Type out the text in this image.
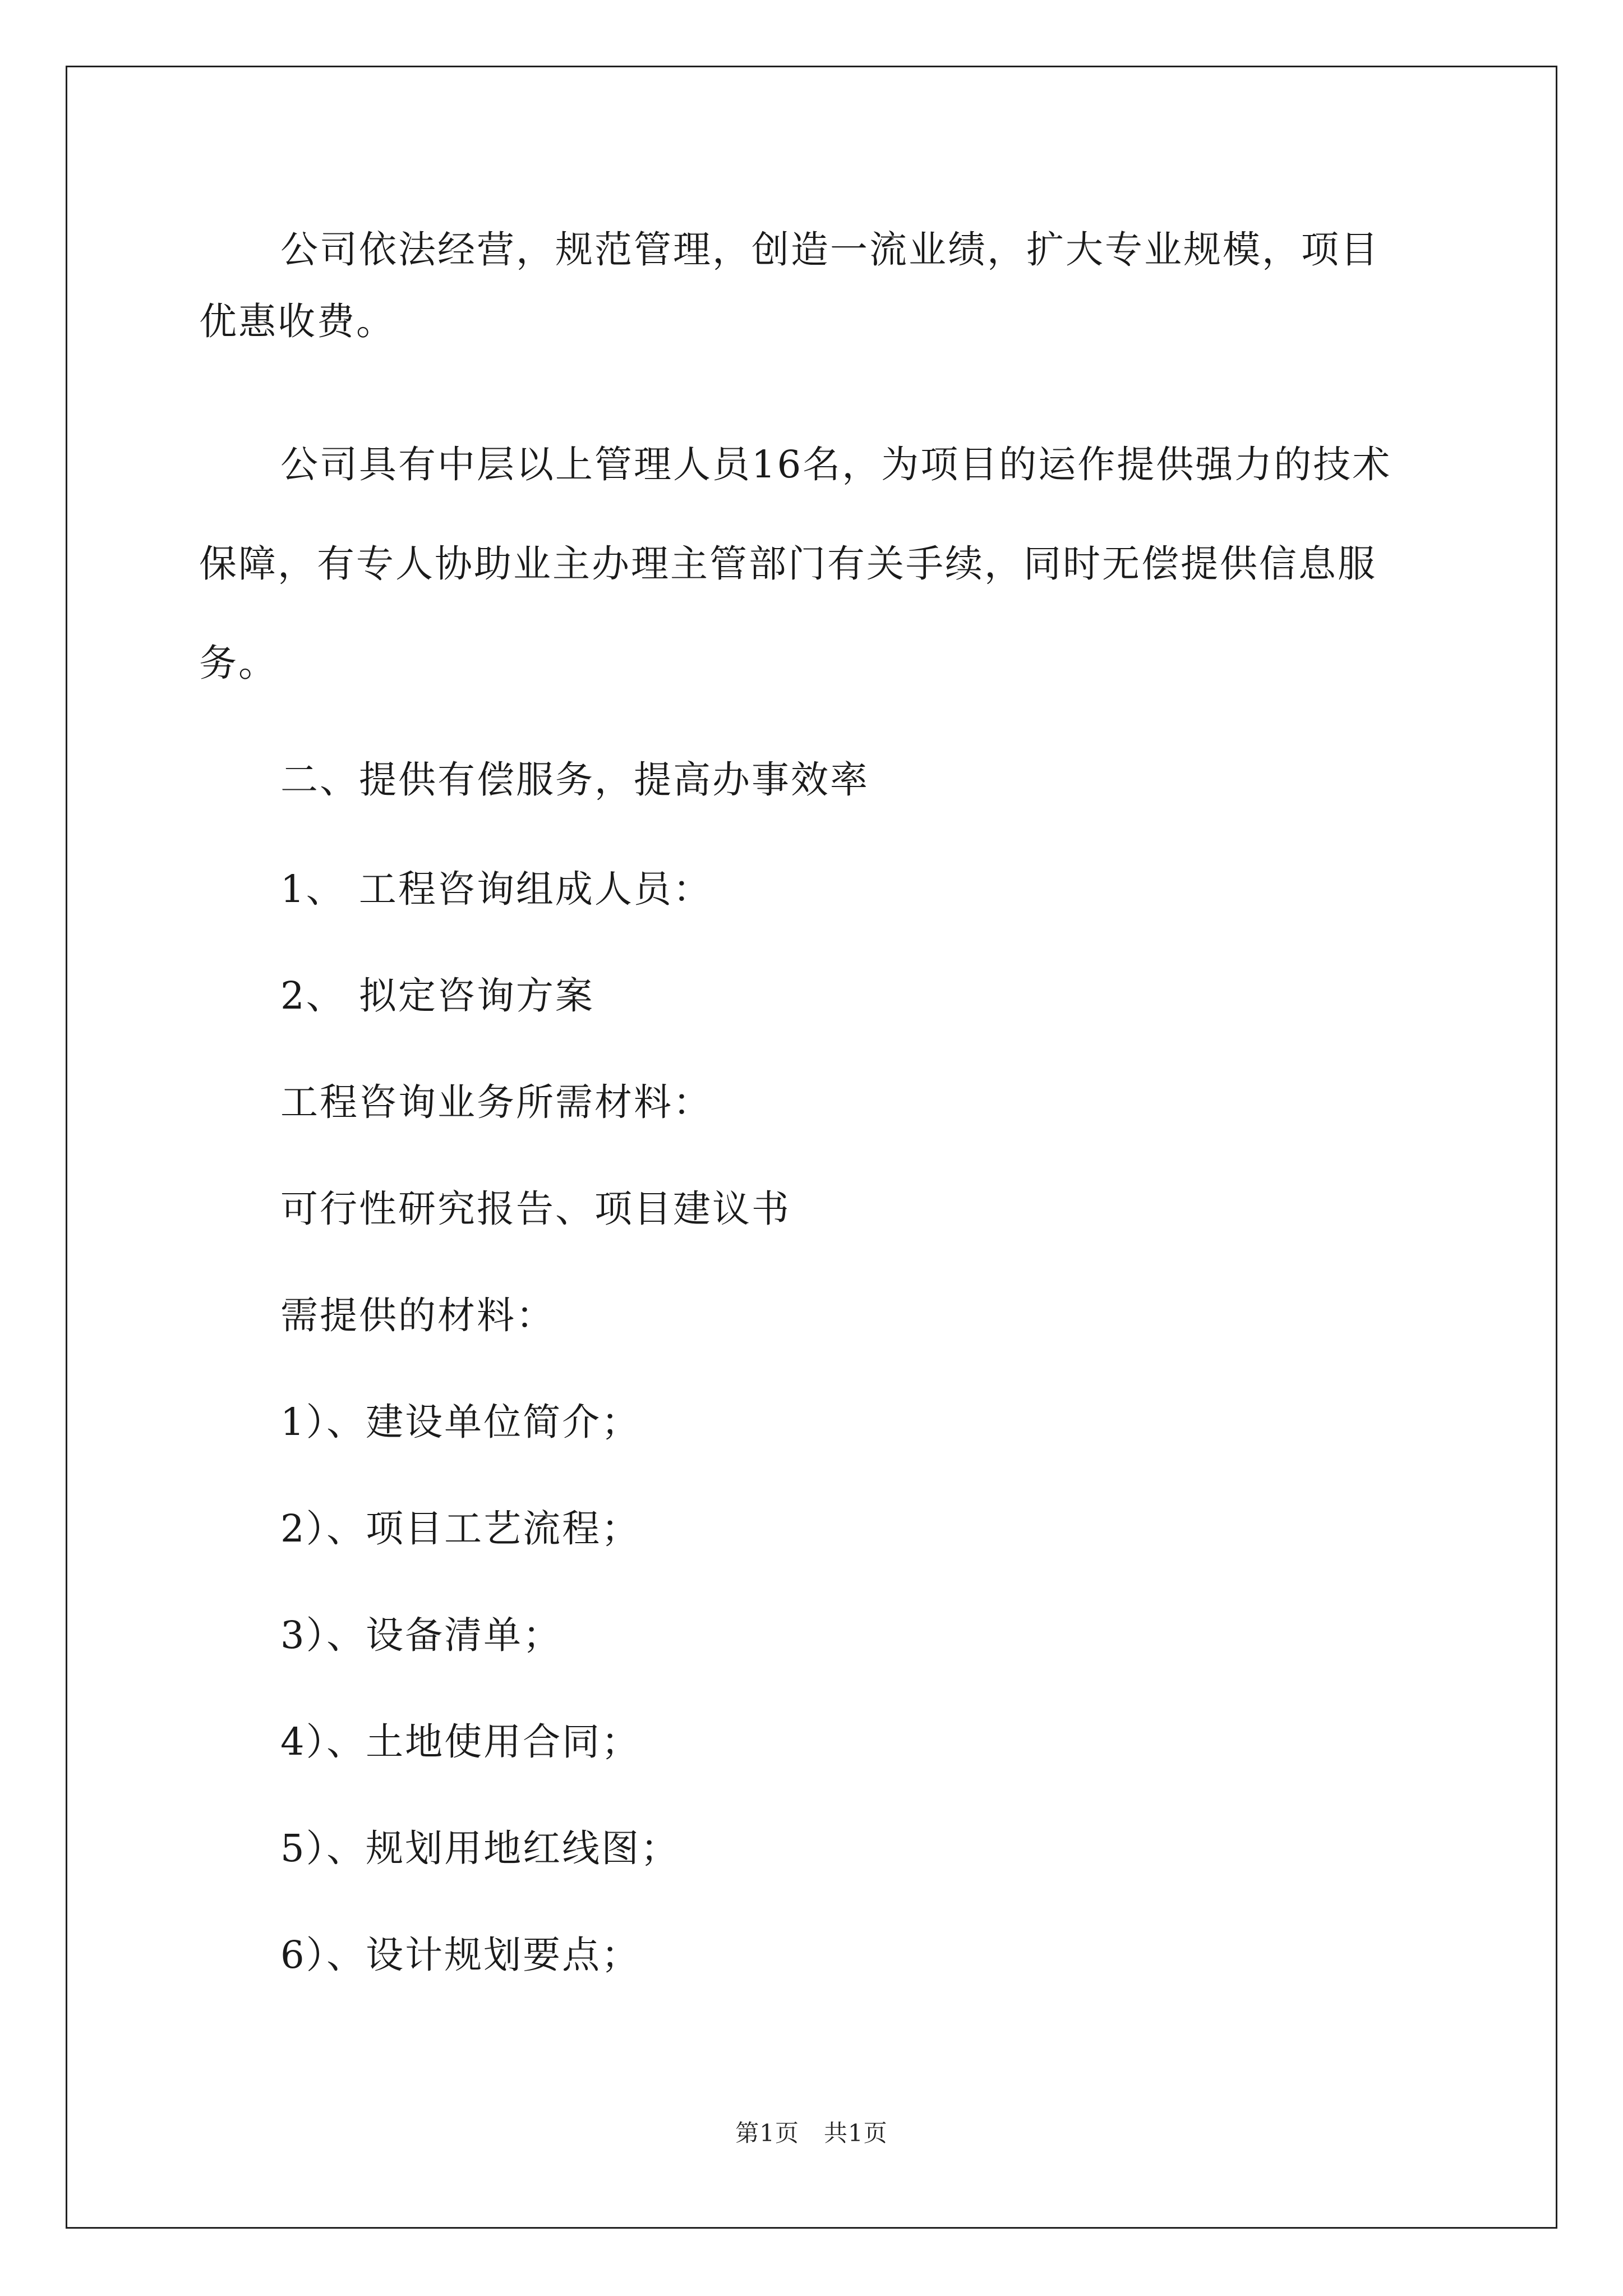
公司依法经营，规范管理，创造一流业绩，扩大专业规模，项目
优惠收费。
公司具有中层以上管理人员16名，为项目的运作提供强力的技术
保障，有专人协助业主办理主管部门有关手续，同时无偿提供信息服
务。
二、提供有偿服务，提高办事效率
1、 工程咨询组成人员：
2、 拟定咨询方案
工程咨询业务所需材料：
可行性研究报告、项目建议书
需提供的材料：
1）、建设单位简介；
2）、项目工艺流程；
3）、设备清单；
4）、土地使用合同；
5）、规划用地红线图；
6）、设计规划要点；
第1页 共1页
